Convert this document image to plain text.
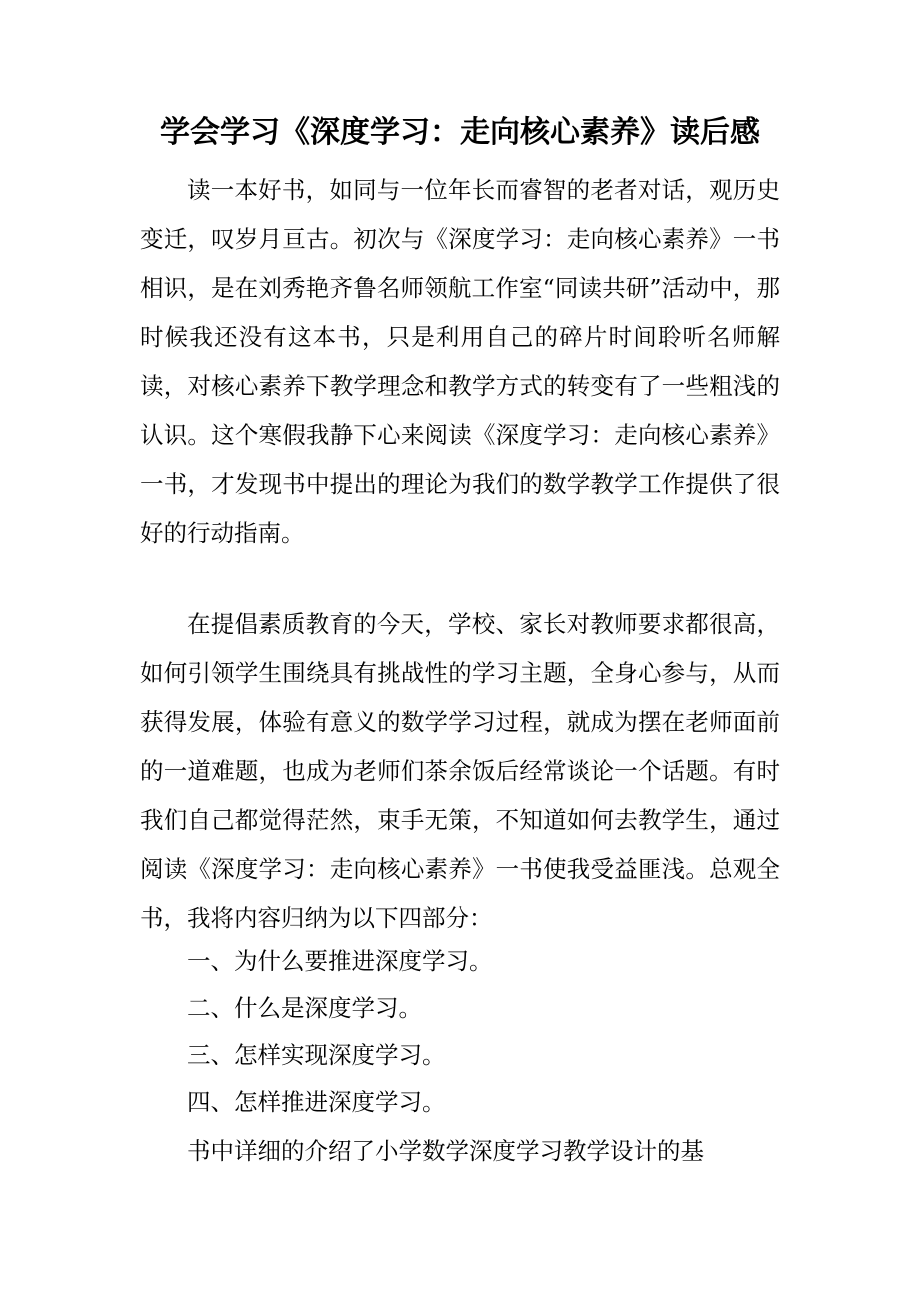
学会学习《深度学习：走向核心素养》读后感

读一本好书，如同与一位年长而睿智的老者对话，观历史变迁，叹岁月亘古。初次与《深度学习：走向核心素养》一书相识，是在刘秀艳齐鲁名师领航工作室“同读共研”活动中，那时候我还没有这本书，只是利用自己的碎片时间聆听名师解读，对核心素养下教学理念和教学方式的转变有了一些粗浅的认识。这个寒假我静下心来阅读《深度学习：走向核心素养》一书，才发现书中提出的理论为我们的数学教学工作提供了很好的行动指南。

在提倡素质教育的今天，学校、家长对教师要求都很高，如何引领学生围绕具有挑战性的学习主题，全身心参与，从而获得发展，体验有意义的数学学习过程，就成为摆在老师面前的一道难题，也成为老师们茶余饭后经常谈论一个话题。有时我们自己都觉得茫然，束手无策，不知道如何去教学生，通过阅读《深度学习：走向核心素养》一书使我受益匪浅。总观全书，我将内容归纳为以下四部分：

一、为什么要推进深度学习。

二、什么是深度学习。

三、怎样实现深度学习。

四、怎样推进深度学习。

书中详细的介绍了小学数学深度学习教学设计的基
